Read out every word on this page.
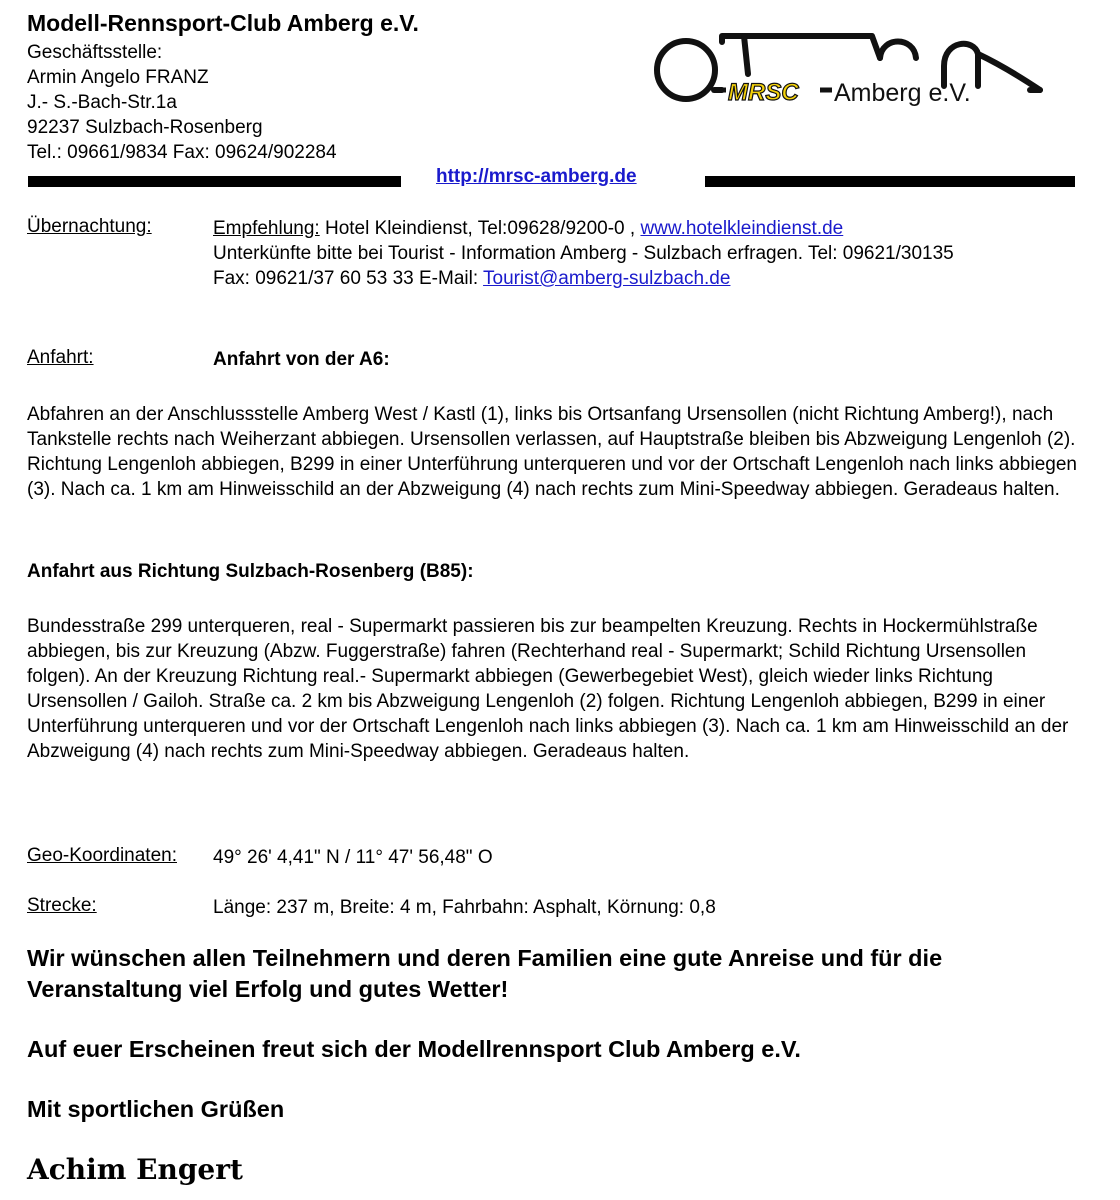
Modell-Rennsport-Club Amberg e.V.
Geschäftsstelle:
Armin Angelo FRANZ
J.- S.-Bach-Str.1a
92237 Sulzbach-Rosenberg
Tel.: 09661/9834 Fax: 09624/902284
MRSC Amberg e.V.
http://mrsc-amberg.de
Übernachtung:	Empfehlung: Hotel Kleindienst, Tel:09628/9200-0 , www.hotelkleindienst.de
Unterkünfte bitte bei Tourist - Information Amberg - Sulzbach erfragen. Tel: 09621/30135
Fax: 09621/37 60 53 33 E-Mail: Tourist@amberg-sulzbach.de
Anfahrt:	Anfahrt von der A6:
Abfahren an der Anschlussstelle Amberg West / Kastl (1), links bis Ortsanfang Ursensollen (nicht Richtung Amberg!), nach Tankstelle rechts nach Weiherzant abbiegen. Ursensollen verlassen, auf Hauptstraße bleiben bis Abzweigung Lengenloh (2). Richtung Lengenloh abbiegen, B299 in einer Unterführung unterqueren und vor der Ortschaft Lengenloh nach links abbiegen (3). Nach ca. 1 km am Hinweisschild an der Abzweigung (4) nach rechts zum Mini-Speedway abbiegen. Geradeaus halten.
Anfahrt aus Richtung Sulzbach-Rosenberg (B85):
Bundesstraße 299 unterqueren, real - Supermarkt passieren bis zur beampelten Kreuzung. Rechts in Hockermühlstraße abbiegen, bis zur Kreuzung (Abzw. Fuggerstraße) fahren (Rechterhand real - Supermarkt; Schild Richtung Ursensollen folgen). An der Kreuzung Richtung real.- Supermarkt abbiegen (Gewerbegebiet West), gleich wieder links Richtung Ursensollen / Gailoh. Straße ca. 2 km bis Abzweigung Lengenloh (2) folgen. Richtung Lengenloh abbiegen, B299 in einer Unterführung unterqueren und vor der Ortschaft Lengenloh nach links abbiegen (3). Nach ca. 1 km am Hinweisschild an der Abzweigung (4) nach rechts zum Mini-Speedway abbiegen. Geradeaus halten.
Geo-Koordinaten: 49° 26' 4,41" N / 11° 47' 56,48" O
Strecke:	Länge: 237 m, Breite: 4 m, Fahrbahn: Asphalt, Körnung: 0,8
Wir wünschen allen Teilnehmern und deren Familien eine gute Anreise und für die Veranstaltung viel Erfolg und gutes Wetter!
Auf euer Erscheinen freut sich der Modellrennsport Club Amberg e.V.
Mit sportlichen Grüßen
Achim Engert
